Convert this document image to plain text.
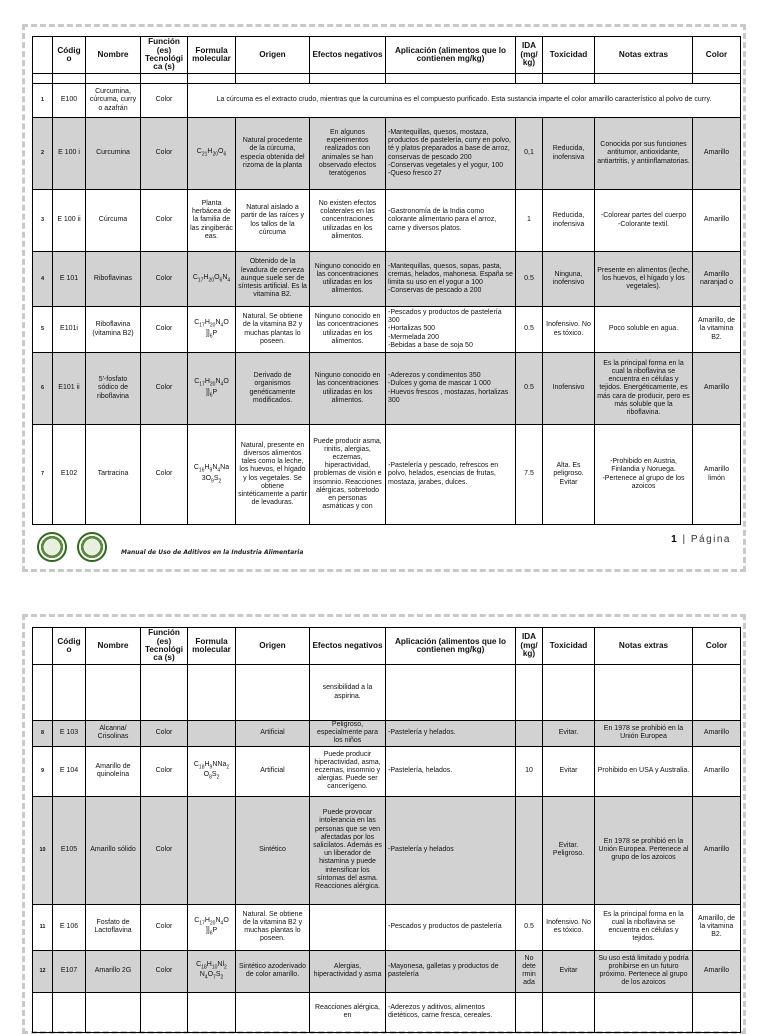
	Códig o	Nombre	Función (es) Tecnológi ca (s)	Formula molecular	Origen	Efectos negativos	Aplicación (alimentos que lo contienen mg/kg)	IDA (mg/ kg)	Toxicidad	Notas extras	Color

1	E100	Curcumina, cúrcuma, curry o azafrán	Color	La cúrcuma es el extracto crudo, mientras que la curcumina es el compuesto purificado. Esta sustancia imparte el color amarillo característico al polvo de curry.							
2	E 100 i	Curcumina	Color	$C_{21}H_{20}O_6$	Natural procedente de la cúrcuma, especia obtenida del rizoma de la planta	En algunos experimentos realizados con animales se han observado efectos teratógenos	-Mantequillas, quesos, mostaza, productos de pastelería, curry en polvo, té y platos preparados a base de arroz, conservas de pescado 200
-Conservas vegetales y el yogur, 100
-Queso fresco 27	0,1	Reducida, inofensiva	Conocida por sus funciones antitumor, antioxidante, antiartritis, y antiinflamatorias.	Amarillo
3	E 100 ii	Cúrcuma	Color	Planta herbácea de la familia de las zingiberác eas.	Natural aislado a partir de las raíces y los tallos de la cúrcuma	No existen efectos colaterales en las concentraciones utilizadas en los alimentos.	-Gastronomía de la India como colorante alimentario para el arroz, carne y diversos platos.	1	Reducida, inofensiva	-Colorear partes del cuerpo
-Colorante textil.	Amarillo
4	E 101	Riboflavinas	Color	$C_{17}H_{20}O_6N_4$	Obtenido de la levadura de cerveza aunque suele ser de síntesis artificial. Es la vitamina B2.	Ninguno conocido en las concentraciones utilizadas en los alimentos.	-Mantequillas, quesos, sopas, pasta, cremas, helados, mahonesa. España se limita su uso en el yogur a 100
-Conservas de pescado a 200	0.5	Ninguna, inofensivo	Presente en alimentos (leche, los huevos, el hígado y los vegetales).	Amarillo naranjad o
5	E101i	Riboflavina (vitamina B2)	Color	$C_{17}H_{20}N_4O$ ]]$_6P$	Natural. Se obtiene de la vitamina B2 y muchas plantas lo poseen.	Ninguno conocido en las concentraciones utilizadas en los alimentos.	-Pescados y productos de pastelería 300
-Hortalizas 500
-Mermelada 200
-Bebidas a base de soja 50	0.5	Inofensivo. No es tóxico.	Poco soluble en agua.	Amarillo, de la vitamina B2.
6	E101 ii	5'-fosfato sódico de riboflavina	Color	$C_{17}H_{20}N_4O$ ]]$_6P$	Derivado de organismos genéticamente modificados.	Ninguno conocido en las concentraciones utilizadas en los alimentos.	-Aderezos y condimentos 350
-Dulces y goma de mascar 1 000
-Huevos frescos , mostazas, hortalizas 300	0.5	Inofensivo	Es la principal forma en la cual la riboflavina se encuentra en células y tejidos. Energéticamente, es más cara de producir, pero es más soluble que la riboflavina.	Amarillo
7	E102	Tartracina	Color	$C_{16}H_9N_4Na$ $3O_9S_2$	Natural, presente en diversos alimentos tales como la leche, los huevos, el hígado y los vegetales. Se obtiene sintéticamente a partir de levaduras.	Puede producir asma, rinitis, alergias, eczemas, hiperactividad, problemas de visión e insomnio. Reacciones alérgicas, sobretodo en personas asmáticas y con	-Pastelería y pescado, refrescos en polvo, helados, esencias de frutas, mostaza, jarabes, dulces.	7.5	Alta. Es peligroso. Evitar	-Prohibido en Austria, Finlandia y Noruega.
-Pertenece al grupo de los azoicos	Amarillo limón
Manual de Uso de Aditivos en la Industria Alimentaria
1 | Página
	Códig o	Nombre	Función (es) Tecnológi ca (s)	Formula molecular	Origen	Efectos negativos	Aplicación (alimentos que lo contienen mg/kg)	IDA (mg/ kg)	Toxicidad	Notas extras	Color
						sensibilidad a la aspirina.					
8	E 103	Alcanna/ Crisolinas	Color		Artificial	Peligroso, especialmente para los niños	-Pastelería y helados.		Evitar.	En 1978 se prohibió en la Unión Europea	Amarillo
9	E 104	Amarillo de quinoleína	Color	$C_{18}H_9NNa_2$ $O_8S_2$	Artificial	Puede producir hiperactividad, asma, eczemas, insomnio y alergias. Puede ser cancerígeno.	-Pastelería, helados.	10	Evitar	Prohibido en USA y Australia.	Amarillo
10	E105	Amarillo sólido	Color		Sintético	Puede provocar intolerancia en las personas que se ven afectadas por los salicilatos. Además es un liberador de histamina y puede intensificar los síntomas del asma. Reacciones alérgica.	-Pastelería y helados		Evitar. Peligroso.	En 1978 se prohibió en la Unión Europea. Pertenece al grupo de los azoicos	Amarillo
11	E 106	Fosfato de Lactoflavina	Color	$C_{17}H_{20}N_4O$ ]]$_6P$	Natural. Se obtiene de la vitamina B2 y muchas plantas lo poseen.		-Pescados y productos de pastelería	0.5	Inofensivo. No es tóxico.	Es la principal forma en la cual la riboflavina se encuentra en células y tejidos.	Amarillo, de la vitamina B2.
12	E107	Amarillo 2G	Color	$C_{18}H_{10}Nl_2$ $N_4O_7S_2$	Sintético azoderivado de color amarillo.	Alergias, hiperactividad y asma	-Mayonesa, galletas y productos de pastelería	No dete rmin ada	Evitar	Su uso está limitado y podría prohibirse en un futuro próximo. Pertenece al grupo de los azoicos	Amarillo
						Reacciones alérgica, en	-Aderezos y aditivos, alimentos dietéticos, carne fresca, cereales.				
